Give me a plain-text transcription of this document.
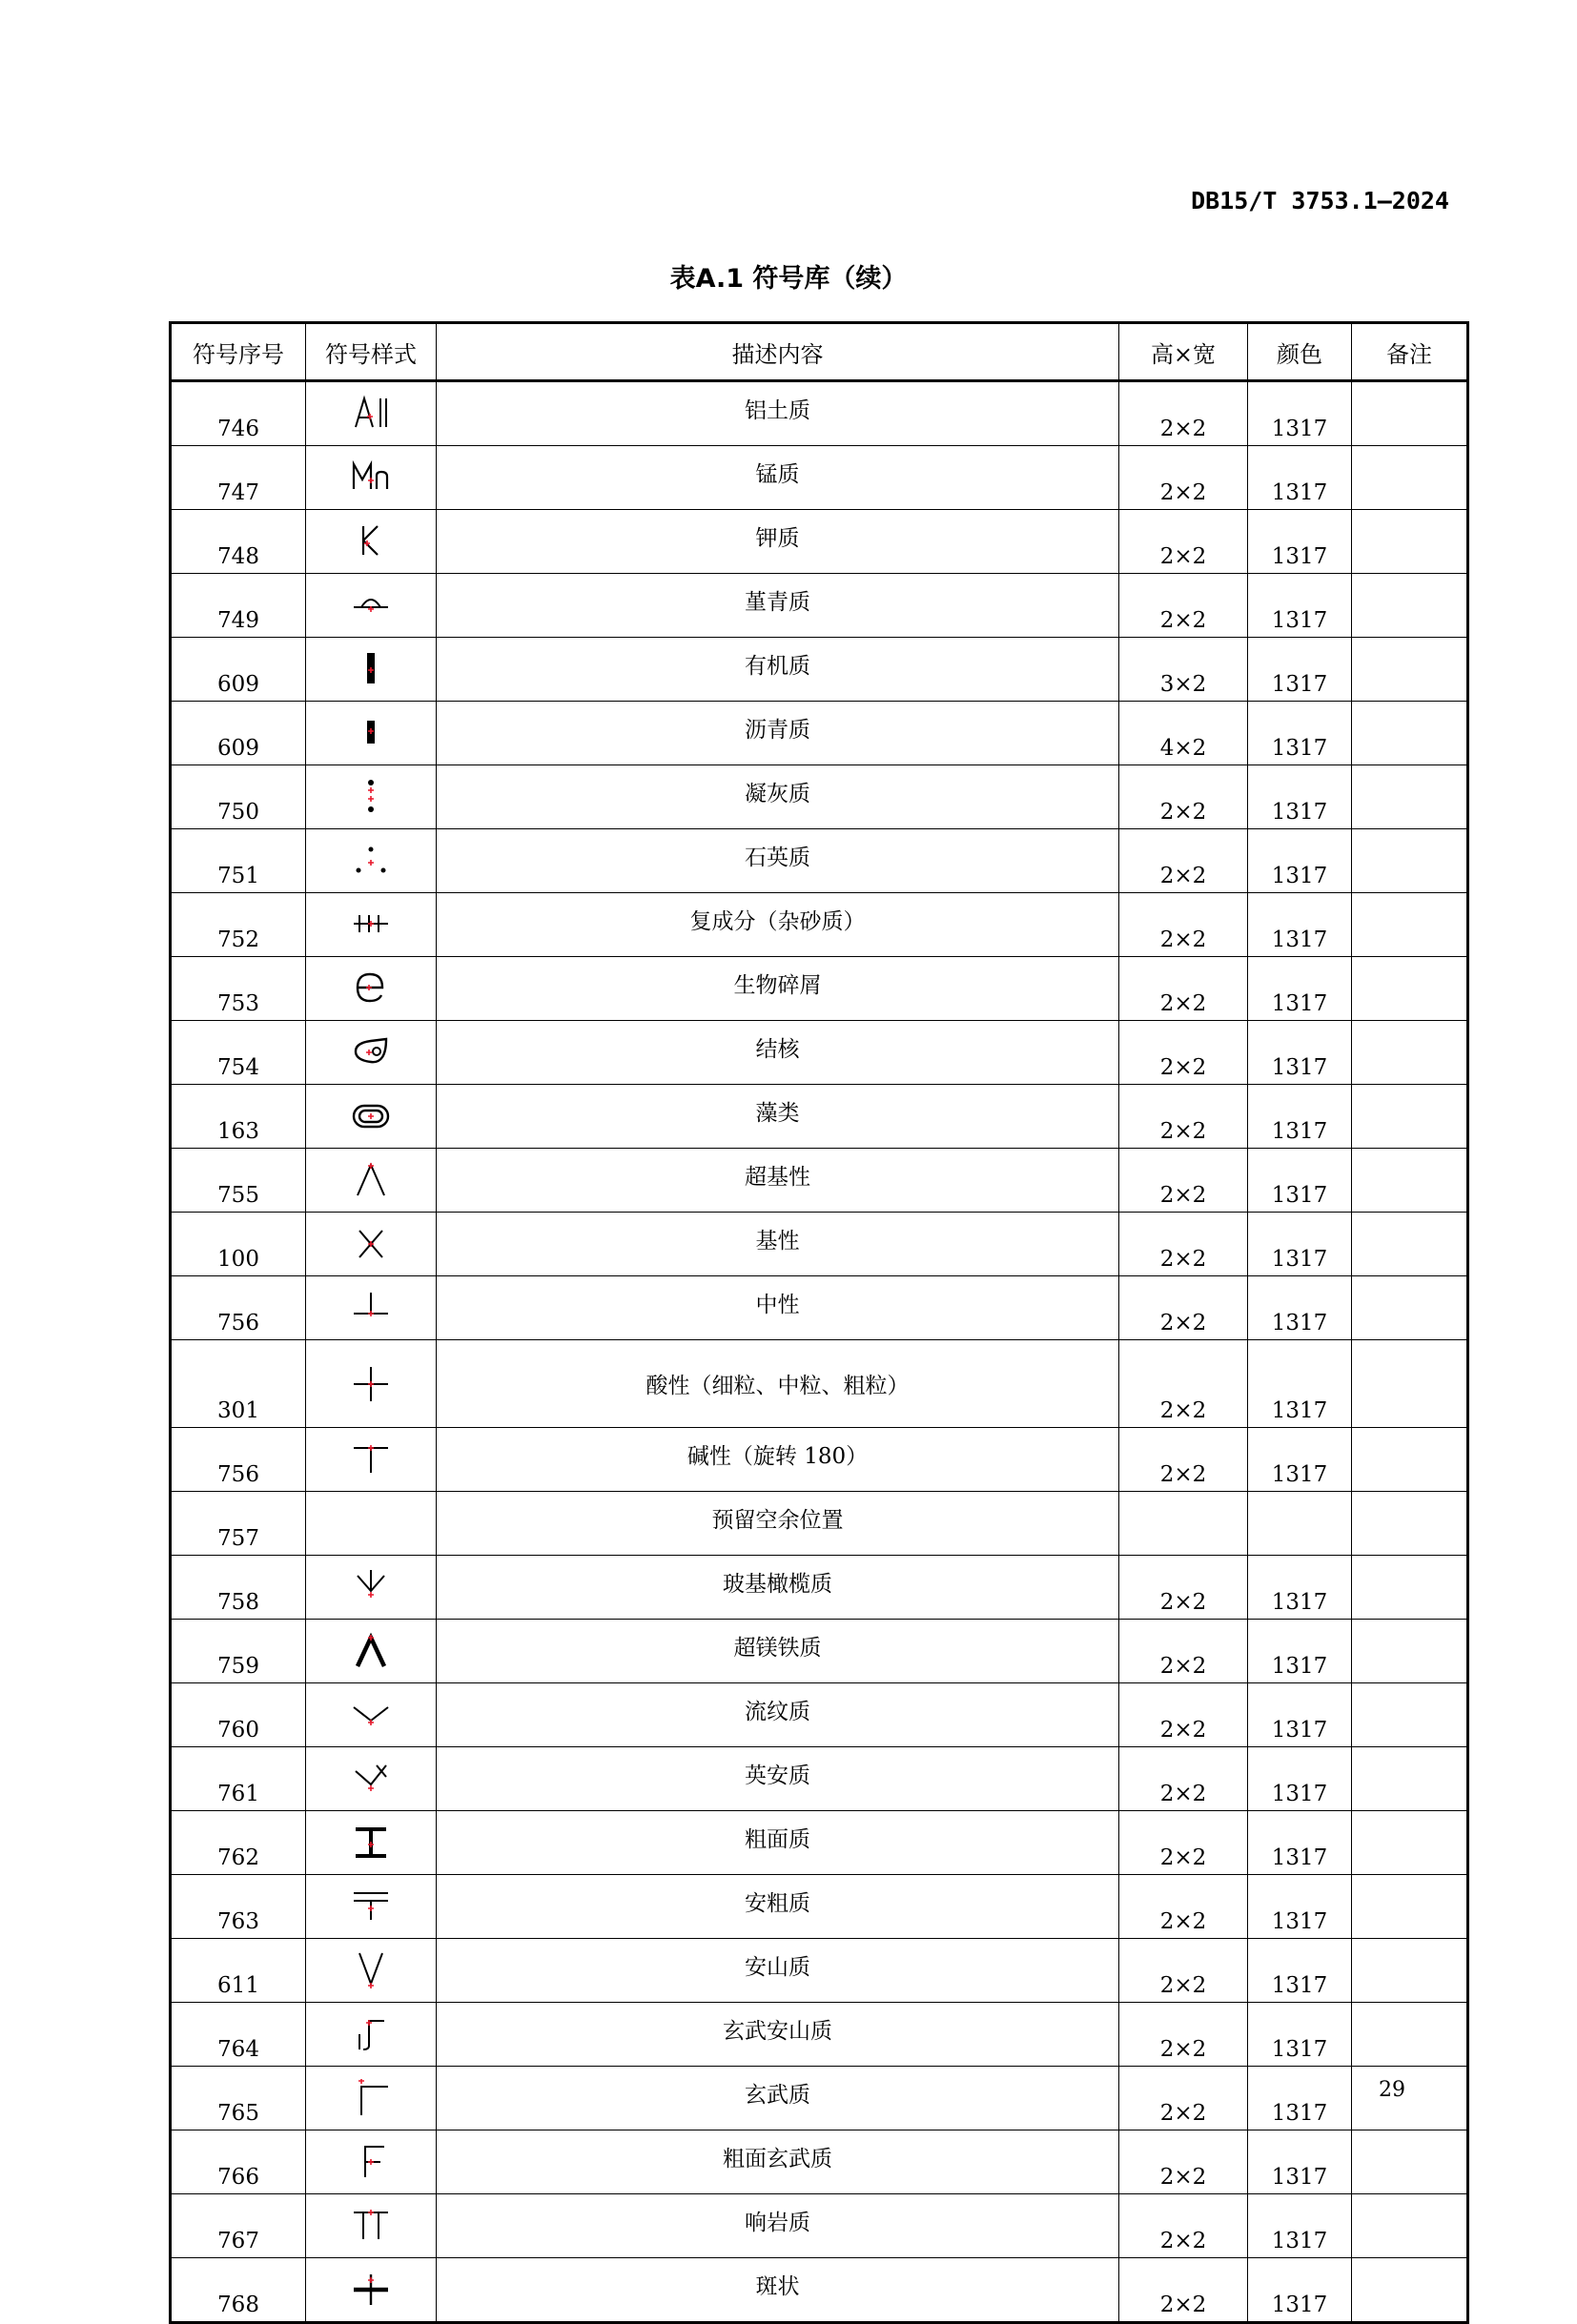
DB15/T 3753.1—2024
表A.1 符号库（续）
符号序号	符号样式	描述内容	高×宽	颜色	备注
746		铝土质	2×2	1317	
747		锰质	2×2	1317	
748		钾质	2×2	1317	
749		堇青质	2×2	1317	
609		有机质	3×2	1317	
609		沥青质	4×2	1317	
750		凝灰质	2×2	1317	
751		石英质	2×2	1317	
752		复成分（杂砂质）	2×2	1317	
753		生物碎屑	2×2	1317	
754		结核	2×2	1317	
163		藻类	2×2	1317	
755		超基性	2×2	1317	
100		基性	2×2	1317	
756		中性	2×2	1317	
301		酸性（细粒、中粒、粗粒）	2×2	1317	
756		碱性（旋转 180）	2×2	1317	
757		预留空余位置			
758		玻基橄榄质	2×2	1317	
759		超镁铁质	2×2	1317	
760		流纹质	2×2	1317	
761		英安质	2×2	1317	
762		粗面质	2×2	1317	
763		安粗质	2×2	1317	
611		安山质	2×2	1317	
764		玄武安山质	2×2	1317	
765		玄武质	2×2	1317	
766		粗面玄武质	2×2	1317	
767		响岩质	2×2	1317	
768		斑状	2×2	1317	
29
